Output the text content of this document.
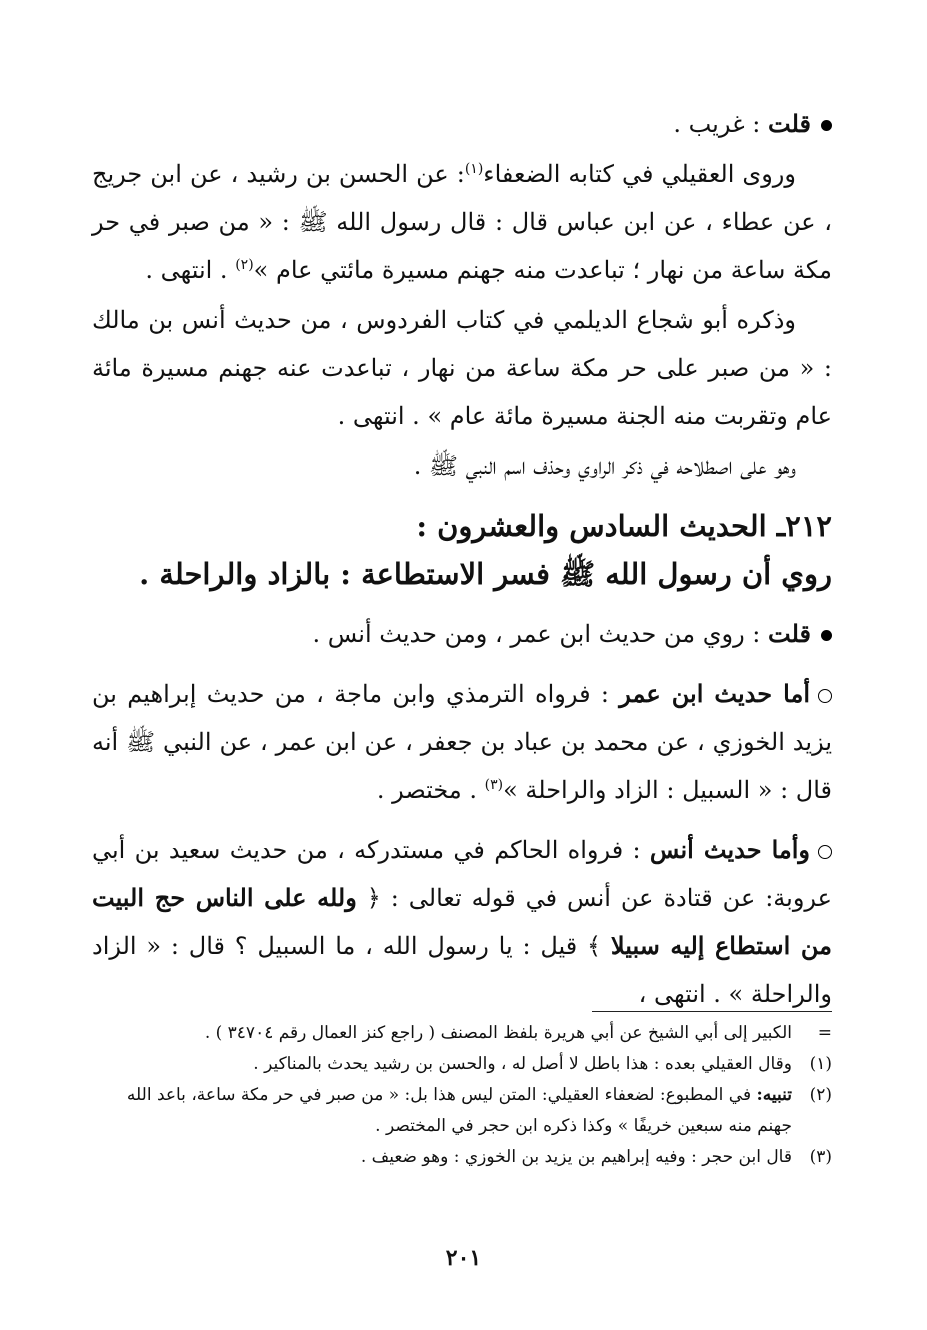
قلت : غريب .

وروى العقيلي في كتابه الضعفاء$^{(١)}$: عن الحسن بن رشيد ، عن ابن جريج ، عن عطاء ، عن ابن عباس قال : قال رسول الله ﷺ : « من صبر في حر مكة ساعة من نهار ؛ تباعدت منه جهنم مسيرة مائتي عام »$^{(٢)}$ . انتهى .

وذكره أبو شجاع الديلمي في كتاب الفردوس ، من حديث أنس بن مالك : « من صبر على حر مكة ساعة من نهار ، تباعدت عنه جهنم مسيرة مائة عام وتقربت منه الجنة مسيرة مائة عام » . انتهى .

وهو على اصطلاحه في ذكر الراوي وحذف اسم النبي ﷺ .

٢١٢ـ الحديث السادس والعشرون :

روي أن رسول الله ﷺ فسر الاستطاعة : بالزاد والراحلة .

قلت : روي من حديث ابن عمر ، ومن حديث أنس .

أما حديث ابن عمر : فرواه الترمذي وابن ماجة ، من حديث إبراهيم بن يزيد الخوزي ، عن محمد بن عباد بن جعفر ، عن ابن عمر ، عن النبي ﷺ أنه قال : « السبيل : الزاد والراحلة »$^{(٣)}$ . مختصر .

وأما حديث أنس : فرواه الحاكم في مستدركه ، من حديث سعيد بن أبي عروبة: عن قتادة عن أنس في قوله تعالى : ﴿ ولله على الناس حج البيت من استطاع إليه سبيلا ﴾ قيل : يا رسول الله ، ما السبيل ؟ قال : « الزاد والراحلة » . انتهى ،

=
الكبير إلى أبي الشيخ عن أبي هريرة بلفظ المصنف ( راجع كنز العمال رقم ٣٤٧٠٤ ) .
(١)
وقال العقيلي بعده : هذا باطل لا أصل له ، والحسن بن رشيد يحدث بالمناكير .
(٢)
تنبيه: في المطبوع: لضعفاء العقيلي: المتن ليس هذا بل: « من صبر في حر مكة ساعة، باعد الله جهنم منه سبعين خريفًا » وكذا ذكره ابن حجر في المختصر .
(٣)
قال ابن حجر : وفيه إبراهيم بن يزيد بن الخوزي : وهو ضعيف .
٢٠١
